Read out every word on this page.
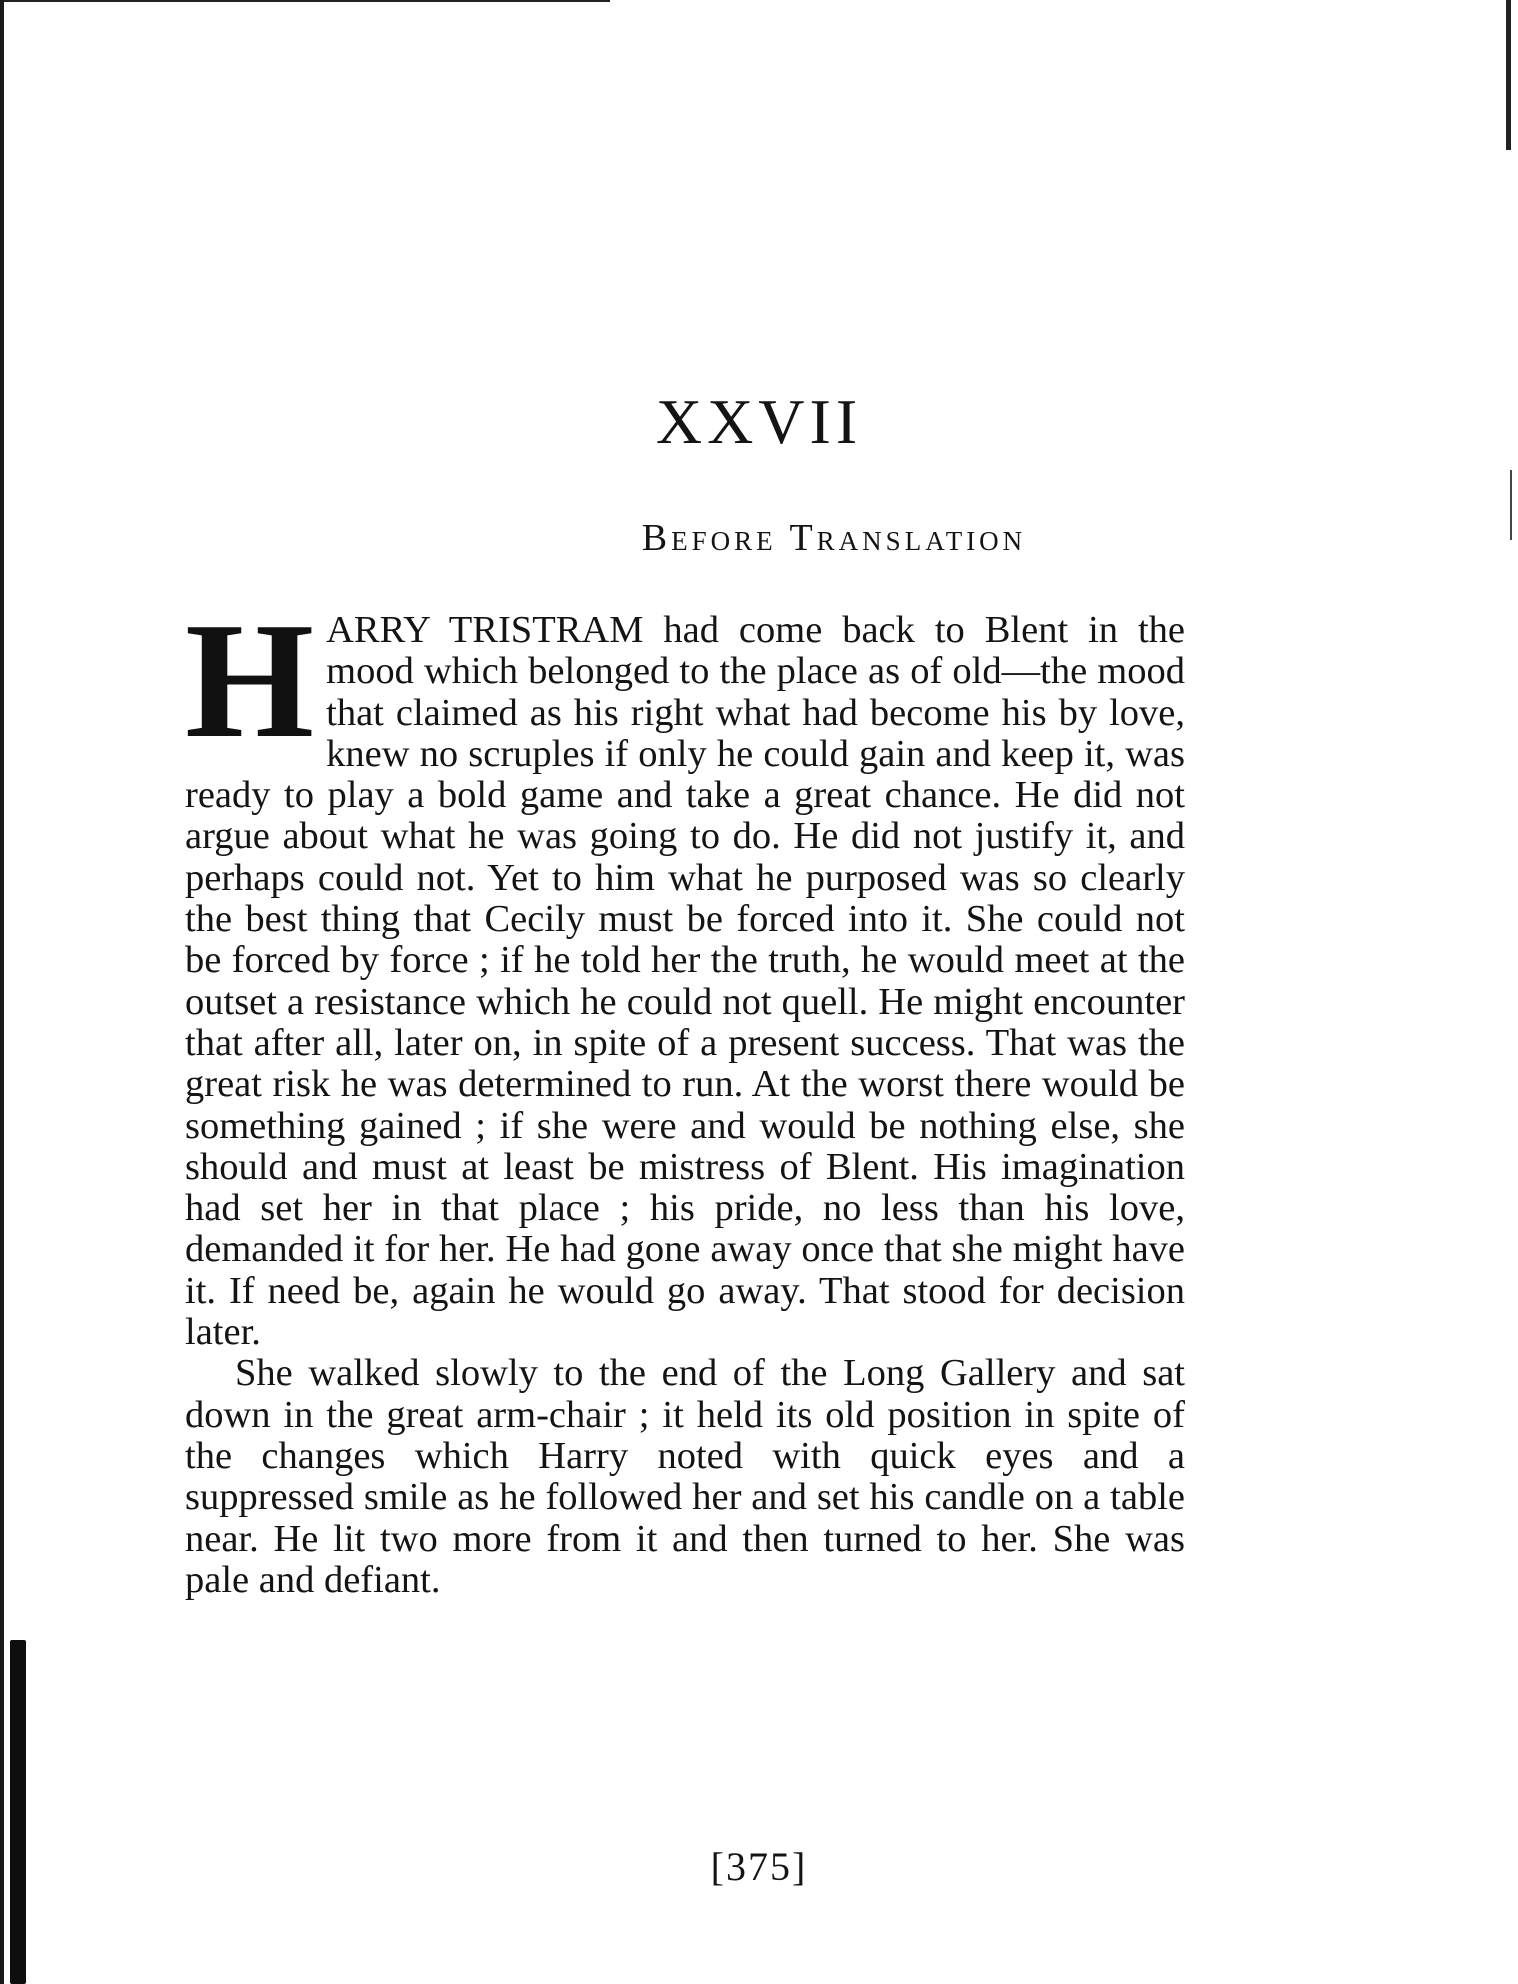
XXVII
Before Translation

HARRY TRISTRAM had come back to Blent in the mood which belonged to the place as of old—the mood that claimed as his right what had become his by love, knew no scruples if only he could gain and keep it, was ready to play a bold game and take a great chance. He did not argue about what he was going to do. He did not justify it, and perhaps could not. Yet to him what he purposed was so clearly the best thing that Cecily must be forced into it. She could not be forced by force ; if he told her the truth, he would meet at the outset a resistance which he could not quell. He might encounter that after all, later on, in spite of a present success. That was the great risk he was determined to run. At the worst there would be something gained ; if she were and would be nothing else, she should and must at least be mistress of Blent. His imagination had set her in that place ; his pride, no less than his love, demanded it for her. He had gone away once that she might have it. If need be, again he would go away. That stood for decision later.

She walked slowly to the end of the Long Gallery and sat down in the great arm-chair ; it held its old position in spite of the changes which Harry noted with quick eyes and a suppressed smile as he followed her and set his candle on a table near. He lit two more from it and then turned to her. She was pale and defiant.

[375]
